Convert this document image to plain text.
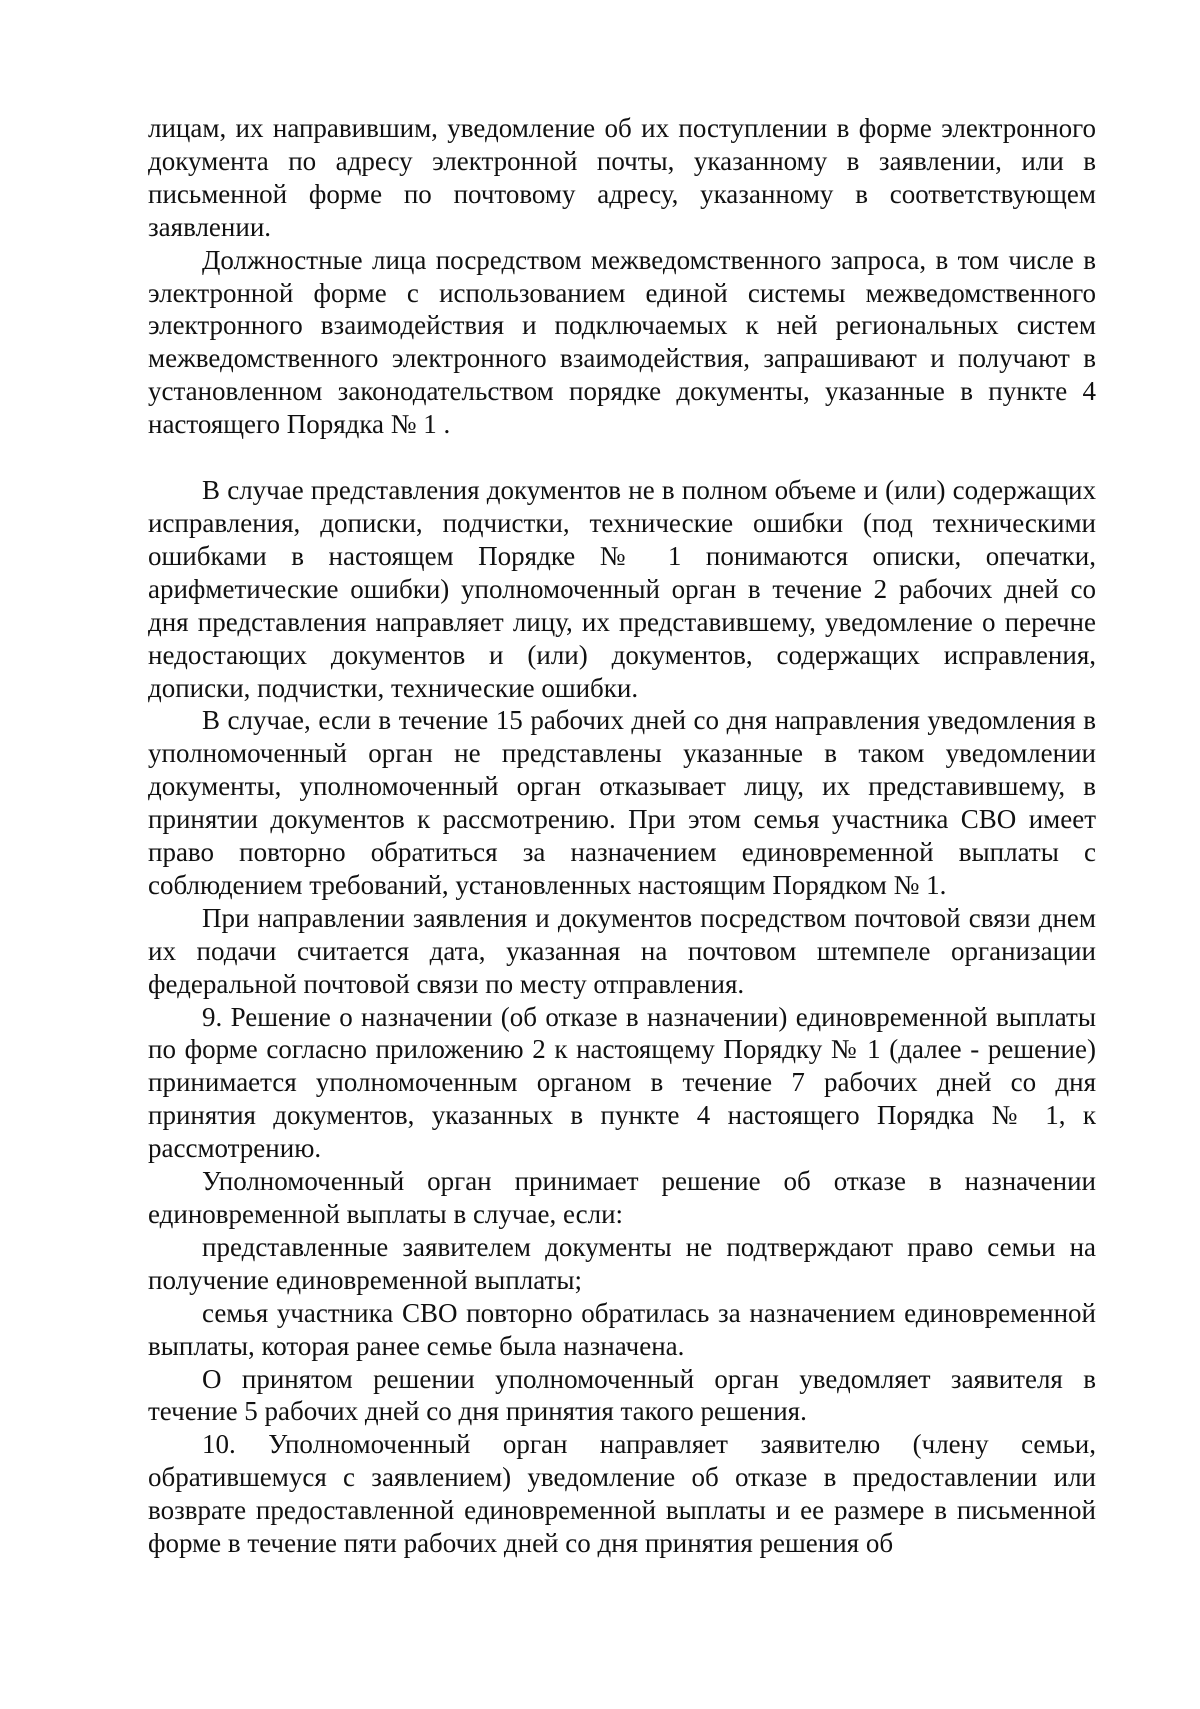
лицам, их направившим, уведомление об их поступлении в форме электронного документа по адресу электронной почты, указанному в заявлении, или в письменной форме по почтовому адресу, указанному в соответствующем заявлении.

Должностные лица посредством межведомственного запроса, в том числе в электронной форме с использованием единой системы межведомственного электронного взаимодействия и подключаемых к ней региональных систем межведомственного электронного взаимодействия, запрашивают и получают в установленном законодательством порядке документы, указанные в пункте 4 настоящего Порядка № 1 .

В случае представления документов не в полном объеме и (или) содержащих исправления, дописки, подчистки, технические ошибки (под техническими ошибками в настоящем Порядке № 1 понимаются описки, опечатки, арифметические ошибки) уполномоченный орган в течение 2 рабочих дней со дня представления направляет лицу, их представившему, уведомление о перечне недостающих документов и (или) документов, содержащих исправления, дописки, подчистки, технические ошибки.

В случае, если в течение 15 рабочих дней со дня направления уведомления в уполномоченный орган не представлены указанные в таком уведомлении документы, уполномоченный орган отказывает лицу, их представившему, в принятии документов к рассмотрению. При этом семья участника СВО имеет право повторно обратиться за назначением единовременной выплаты с соблюдением требований, установленных настоящим Порядком № 1.

При направлении заявления и документов посредством почтовой связи днем их подачи считается дата, указанная на почтовом штемпеле организации федеральной почтовой связи по месту отправления.

9. Решение о назначении (об отказе в назначении) единовременной выплаты по форме согласно приложению 2 к настоящему Порядку № 1 (далее - решение) принимается уполномоченным органом в течение 7 рабочих дней со дня принятия документов, указанных в пункте 4 настоящего Порядка № 1, к рассмотрению.

Уполномоченный орган принимает решение об отказе в назначении единовременной выплаты в случае, если:

представленные заявителем документы не подтверждают право семьи на получение единовременной выплаты;

семья участника СВО повторно обратилась за назначением единовременной выплаты, которая ранее семье была назначена.

О принятом решении уполномоченный орган уведомляет заявителя в течение 5 рабочих дней со дня принятия такого решения.

10. Уполномоченный орган направляет заявителю (члену семьи, обратившемуся с заявлением) уведомление об отказе в предоставлении или возврате предоставленной единовременной выплаты и ее размере в письменной форме в течение пяти рабочих дней со дня принятия решения об
